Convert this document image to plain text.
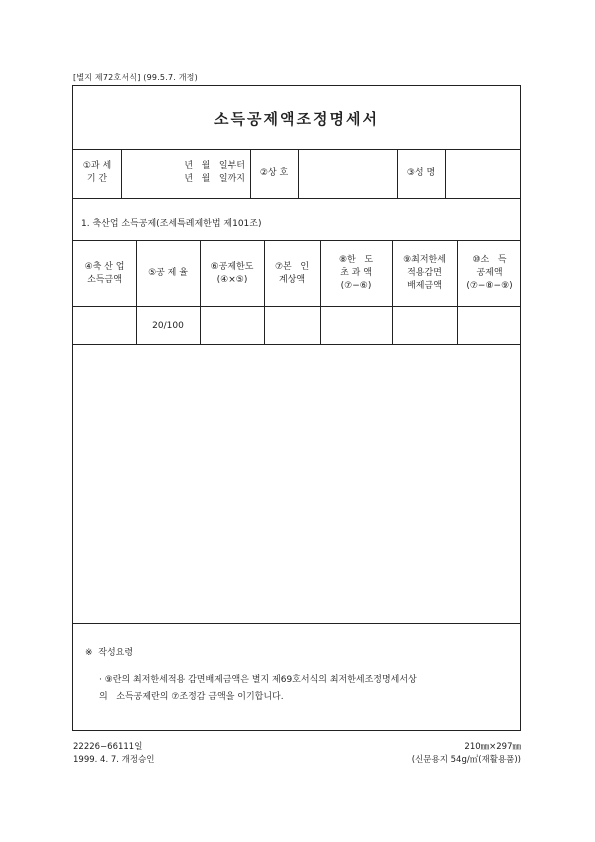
[별지 제72호서식] (99.5.7. 개정)
소득공제액조정명세서
①과 세
기 간
년   월   일부터
년   월   일까지
②상 호	③성 명
1. 축산업 소득공제(조세특례제한법 제101조)
④축 산 업
소득금액
⑤공 제 율
⑥공제한도
(④×⑤)
⑦본   인
계상액
⑧한   도
초 과 액
(⑦−⑥)
⑨최저한세
적용감면
배제금액
⑩소   득
공제액
(⑦−⑧−⑨)
20/100
※  작성요령
· ⑨란의 최저한세적용 감면배제금액은 별지 제69호서식의 최저한세조정명세서상
의   소득공제란의 ⑦조정감 금액을 이기합니다.
22226−66111일
1999. 4. 7. 개정승인
210㎜×297㎜
(신문용지 54g/㎡(재활용품))
